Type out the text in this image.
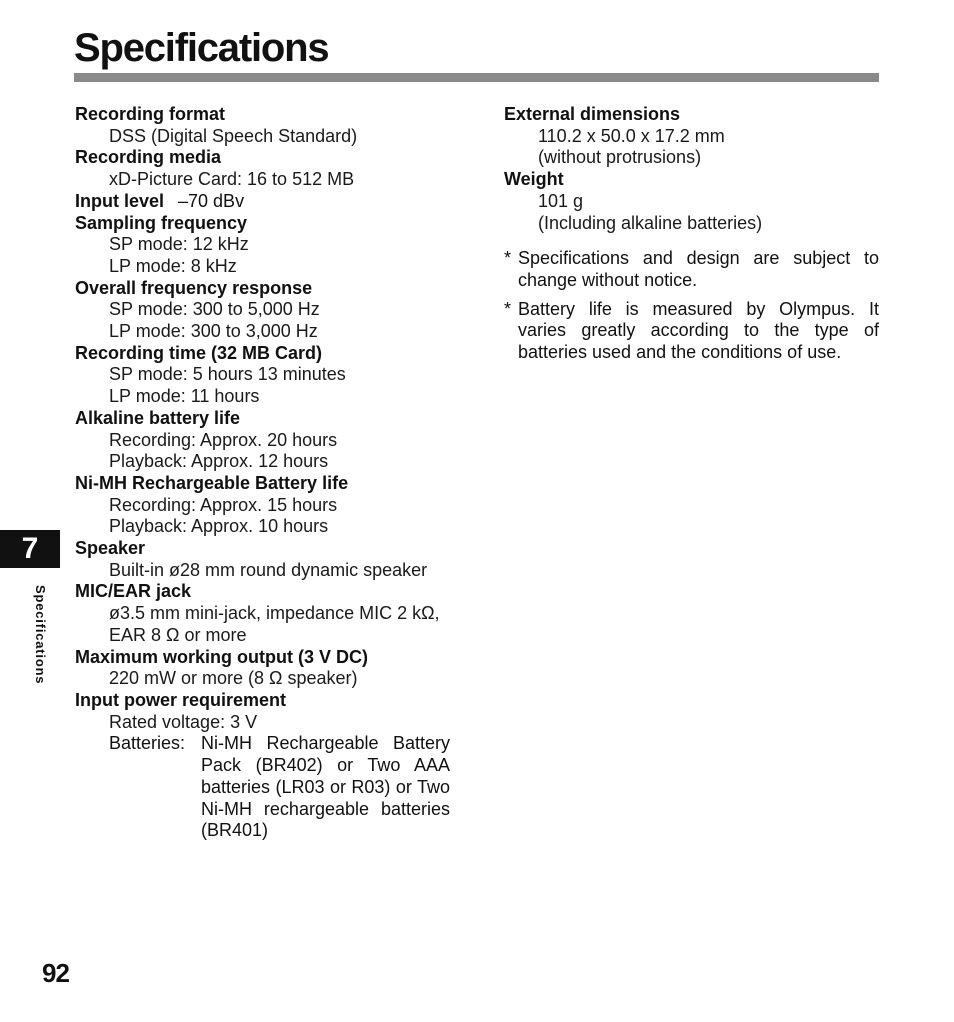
Specifications
Recording format
DSS (Digital Speech Standard)
Recording media
xD-Picture Card: 16 to 512 MB
Input level –70 dBv
Sampling frequency
SP mode: 12 kHz
LP mode: 8 kHz
Overall frequency response
SP mode: 300 to 5,000 Hz
LP mode: 300 to 3,000 Hz
Recording time (32 MB Card)
SP mode: 5 hours 13 minutes
LP mode: 11 hours
Alkaline battery life
Recording: Approx. 20 hours
Playback: Approx. 12 hours
Ni-MH Rechargeable Battery life
Recording: Approx. 15 hours
Playback: Approx. 10 hours
Speaker
Built-in ø28 mm round dynamic speaker
MIC/EAR jack
ø3.5 mm mini-jack, impedance MIC 2 kΩ,
EAR 8 Ω or more
Maximum working output (3 V DC)
220 mW or more (8 Ω speaker)
Input power requirement
Rated voltage: 3 V
Batteries: Ni-MH Rechargeable Battery Pack (BR402) or Two AAA batteries (LR03 or R03) or Two Ni-MH rechargeable batteries (BR401)
External dimensions
110.2 x 50.0 x 17.2 mm
(without protrusions)
Weight
101 g
(Including alkaline batteries)
* Specifications and design are subject to change without notice.
* Battery life is measured by Olympus. It varies greatly according to the type of batteries used and the conditions of use.
7
Specifications
92
